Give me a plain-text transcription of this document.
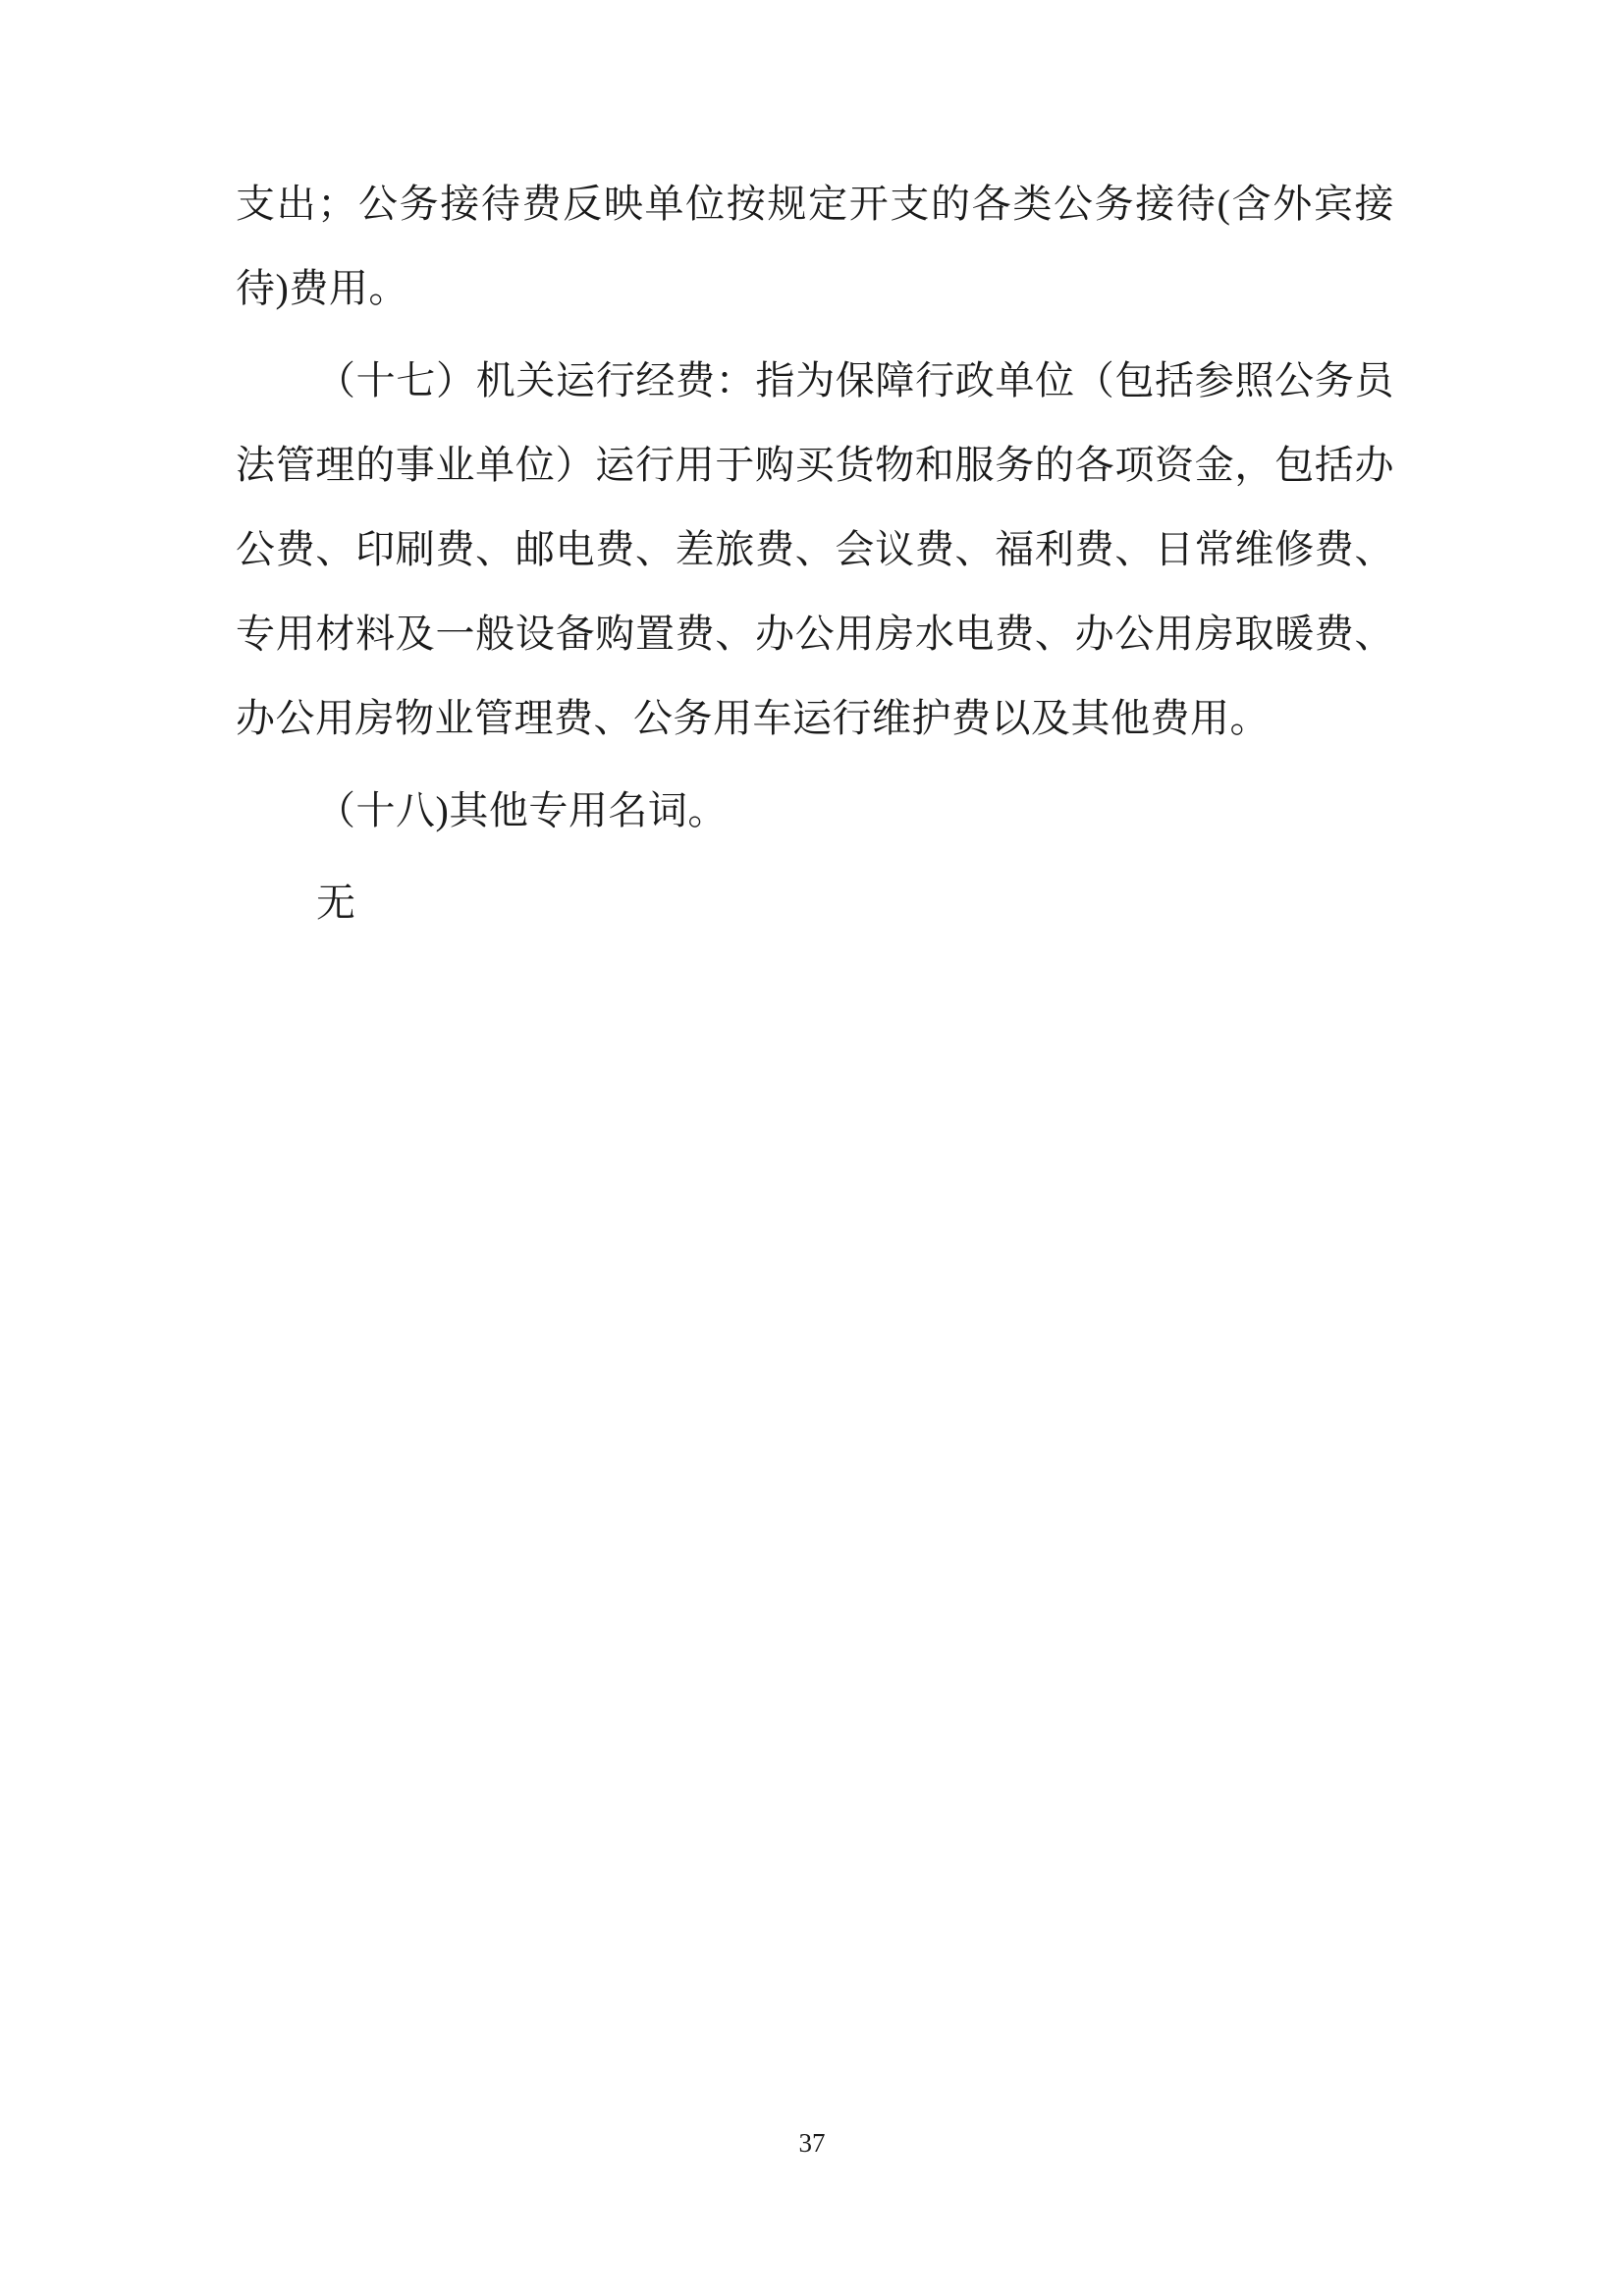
支出；公务接待费反映单位按规定开支的各类公务接待(含外宾接待)费用。

（十七）机关运行经费：指为保障行政单位（包括参照公务员法管理的事业单位）运行用于购买货物和服务的各项资金，包括办公费、印刷费、邮电费、差旅费、会议费、福利费、日常维修费、专用材料及一般设备购置费、办公用房水电费、办公用房取暖费、办公用房物业管理费、公务用车运行维护费以及其他费用。

（十八)其他专用名词。

无

37
